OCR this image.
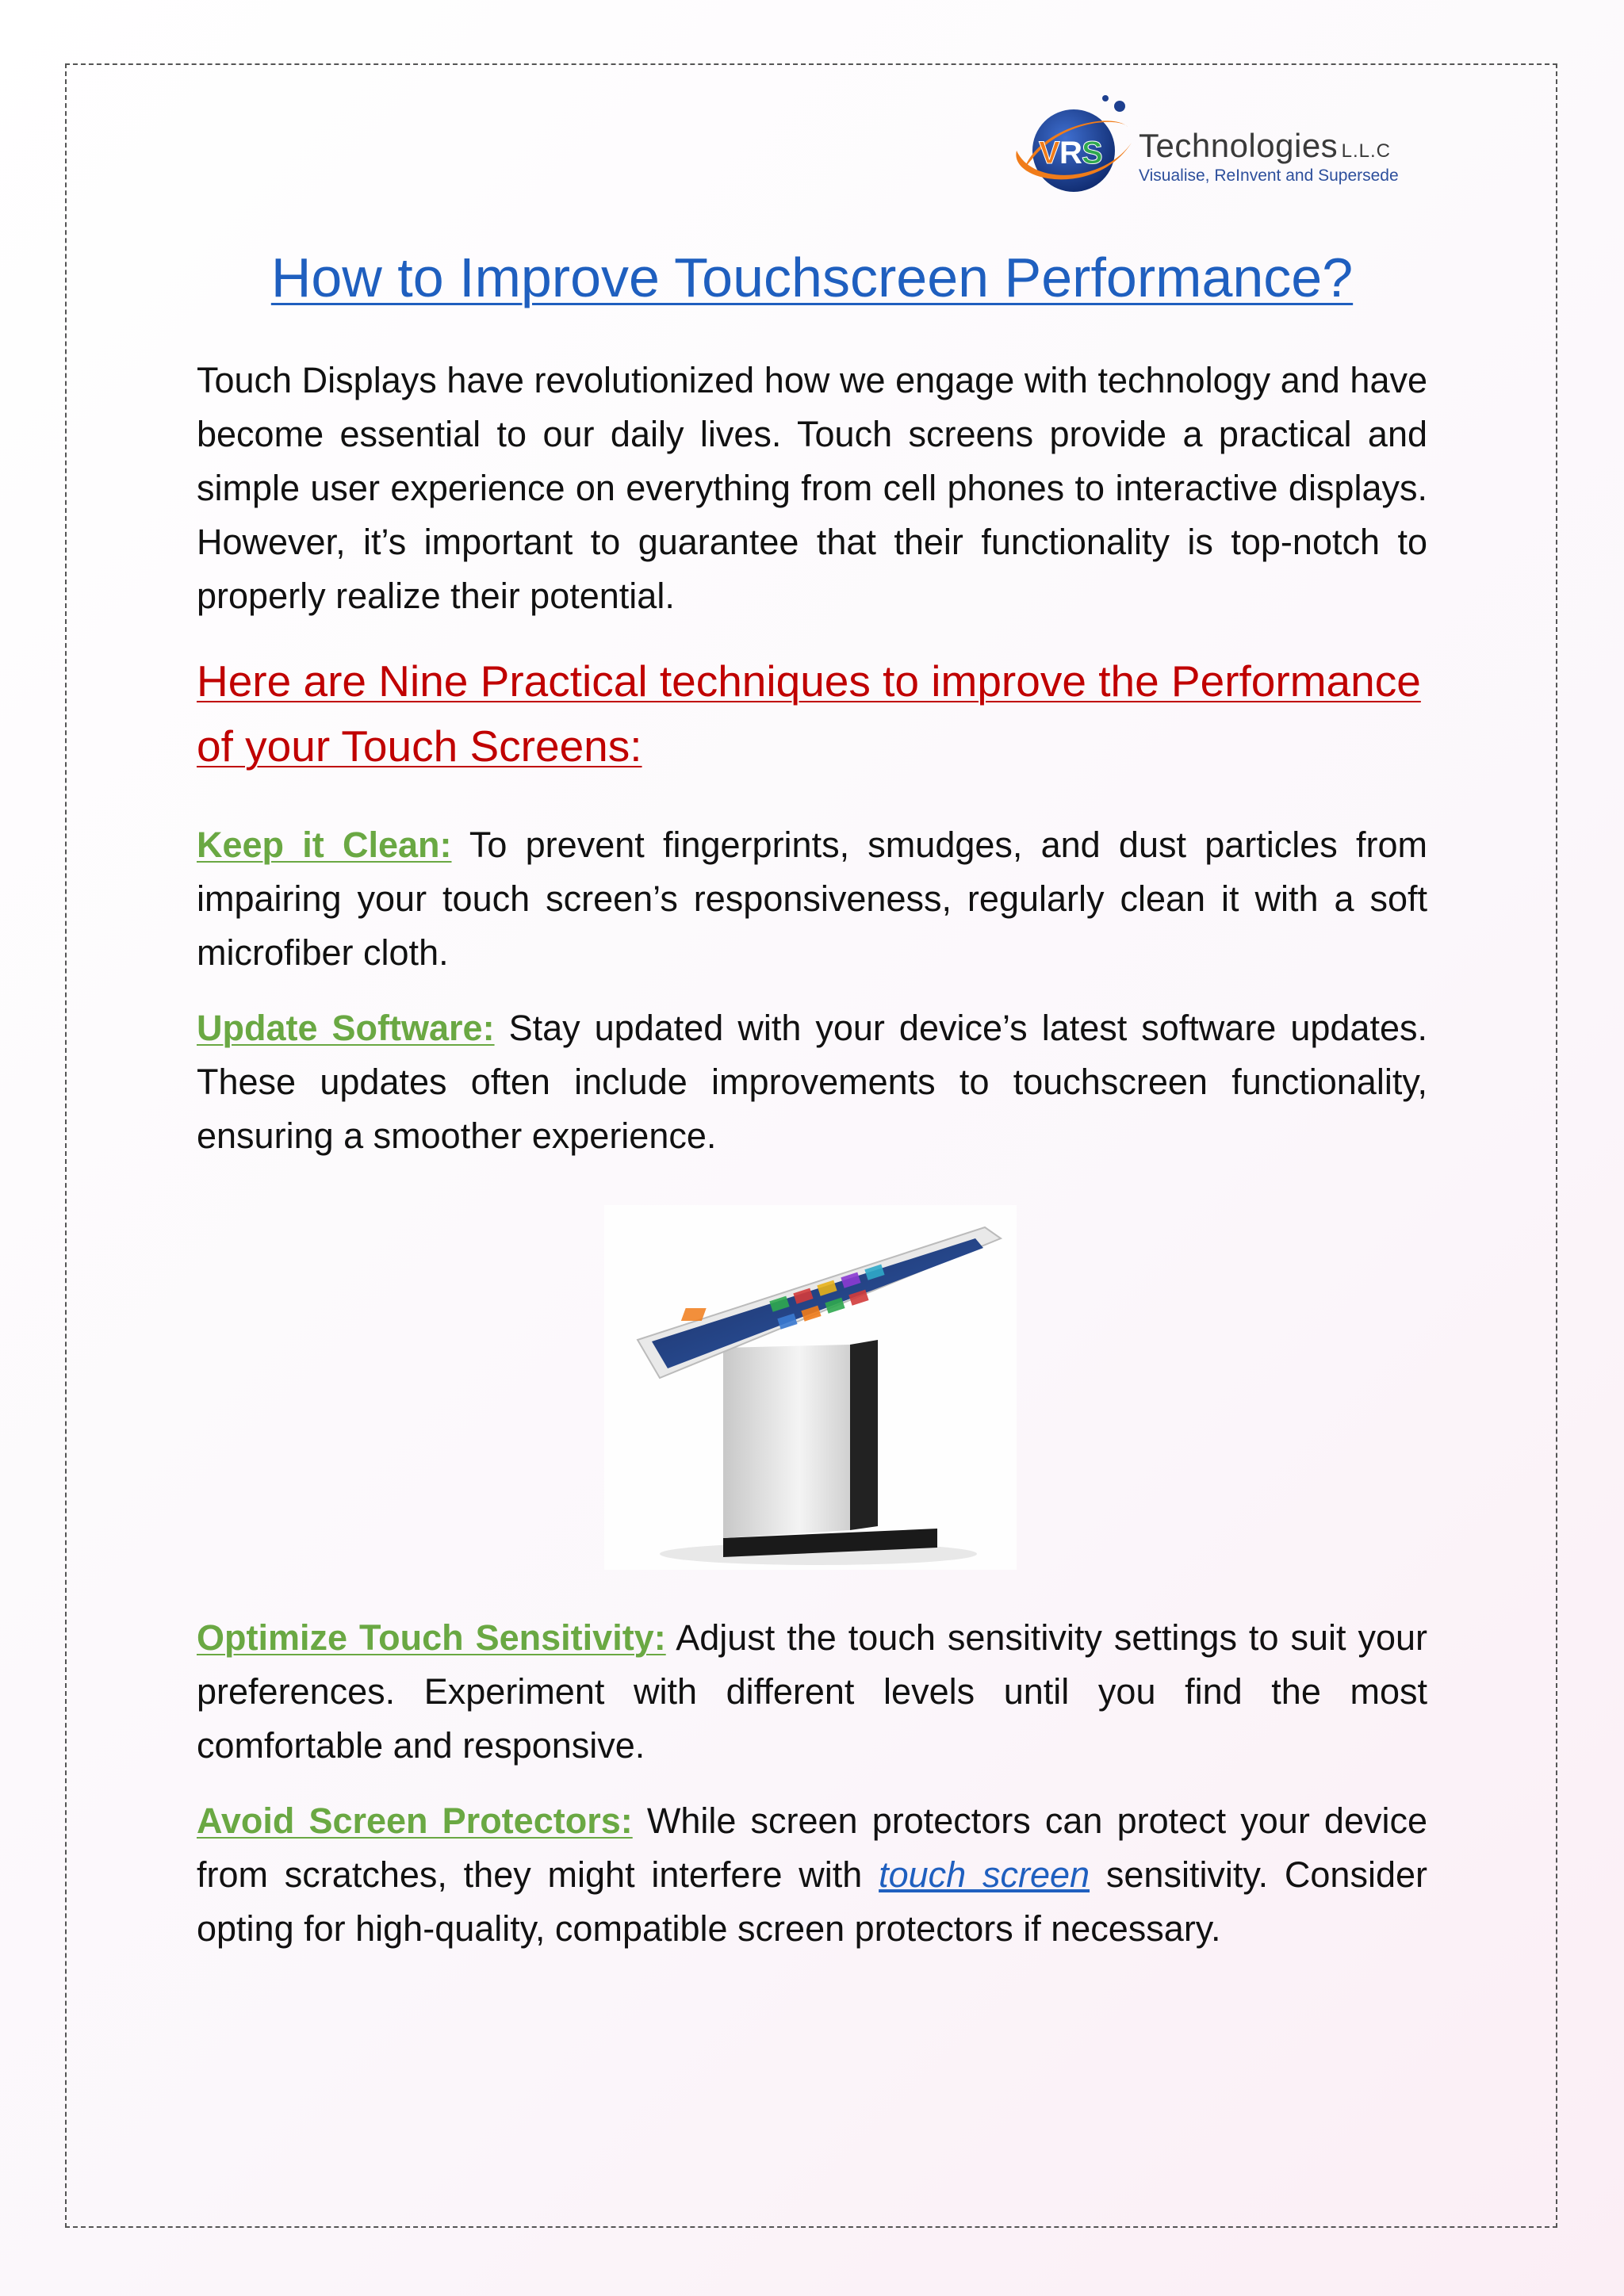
V R S Technologies L.L.C
Visualise, ReInvent and Supersede
How to Improve Touchscreen Performance?

Touch Displays have revolutionized how we engage with technology and have become essential to our daily lives. Touch screens provide a practical and simple user experience on everything from cell phones to interactive displays. However, it’s important to guarantee that their functionality is top-notch to properly realize their potential.

Here are Nine Practical techniques to improve the Performance of your Touch Screens:

Keep it Clean: To prevent fingerprints, smudges, and dust particles from impairing your touch screen’s responsiveness, regularly clean it with a soft microfiber cloth.

Update Software: Stay updated with your device’s latest software updates. These updates often include improvements to touchscreen functionality, ensuring a smoother experience.

Optimize Touch Sensitivity: Adjust the touch sensitivity settings to suit your preferences. Experiment with different levels until you find the most comfortable and responsive.

Avoid Screen Protectors: While screen protectors can protect your device from scratches, they might interfere with touch screen sensitivity. Consider opting for high-quality, compatible screen protectors if necessary.
